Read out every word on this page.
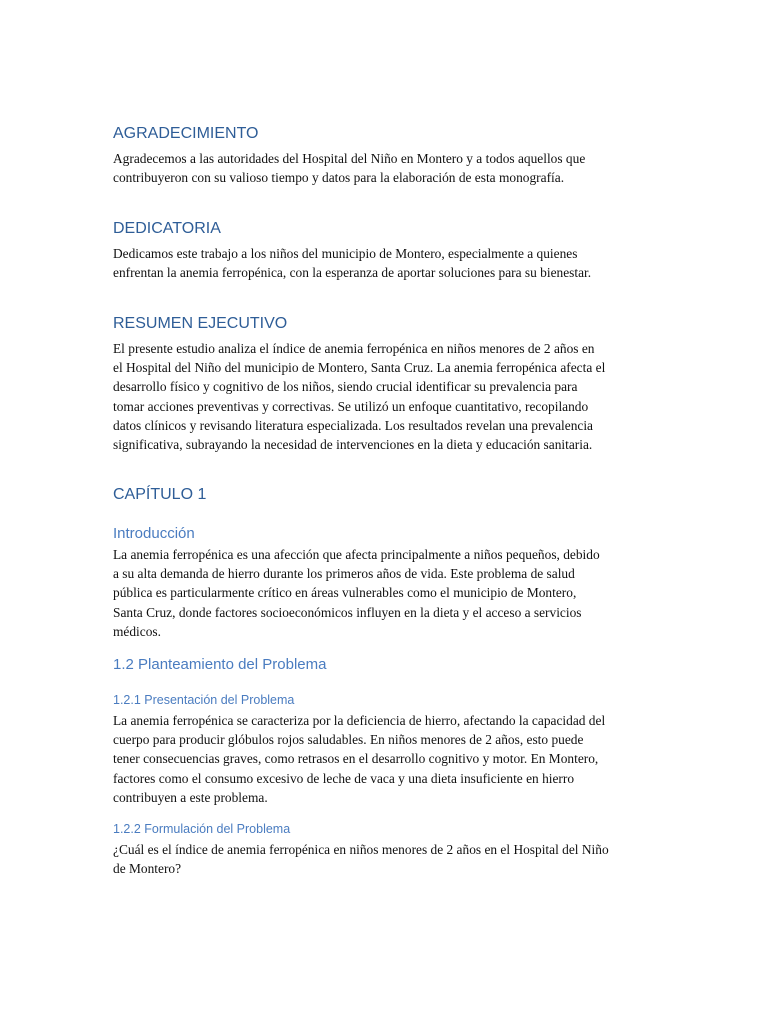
AGRADECIMIENTO
Agradecemos a las autoridades del Hospital del Niño en Montero y a todos aquellos que
contribuyeron con su valioso tiempo y datos para la elaboración de esta monografía.
DEDICATORIA
Dedicamos este trabajo a los niños del municipio de Montero, especialmente a quienes
enfrentan la anemia ferropénica, con la esperanza de aportar soluciones para su bienestar.
RESUMEN EJECUTIVO
El presente estudio analiza el índice de anemia ferropénica en niños menores de 2 años en
el Hospital del Niño del municipio de Montero, Santa Cruz. La anemia ferropénica afecta el
desarrollo físico y cognitivo de los niños, siendo crucial identificar su prevalencia para
tomar acciones preventivas y correctivas. Se utilizó un enfoque cuantitativo, recopilando
datos clínicos y revisando literatura especializada. Los resultados revelan una prevalencia
significativa, subrayando la necesidad de intervenciones en la dieta y educación sanitaria.
CAPÍTULO 1
Introducción
La anemia ferropénica es una afección que afecta principalmente a niños pequeños, debido
a su alta demanda de hierro durante los primeros años de vida. Este problema de salud
pública es particularmente crítico en áreas vulnerables como el municipio de Montero,
Santa Cruz, donde factores socioeconómicos influyen en la dieta y el acceso a servicios
médicos.
1.2 Planteamiento del Problema
1.2.1 Presentación del Problema
La anemia ferropénica se caracteriza por la deficiencia de hierro, afectando la capacidad del
cuerpo para producir glóbulos rojos saludables. En niños menores de 2 años, esto puede
tener consecuencias graves, como retrasos en el desarrollo cognitivo y motor. En Montero,
factores como el consumo excesivo de leche de vaca y una dieta insuficiente en hierro
contribuyen a este problema.
1.2.2 Formulación del Problema
¿Cuál es el índice de anemia ferropénica en niños menores de 2 años en el Hospital del Niño
de Montero?
